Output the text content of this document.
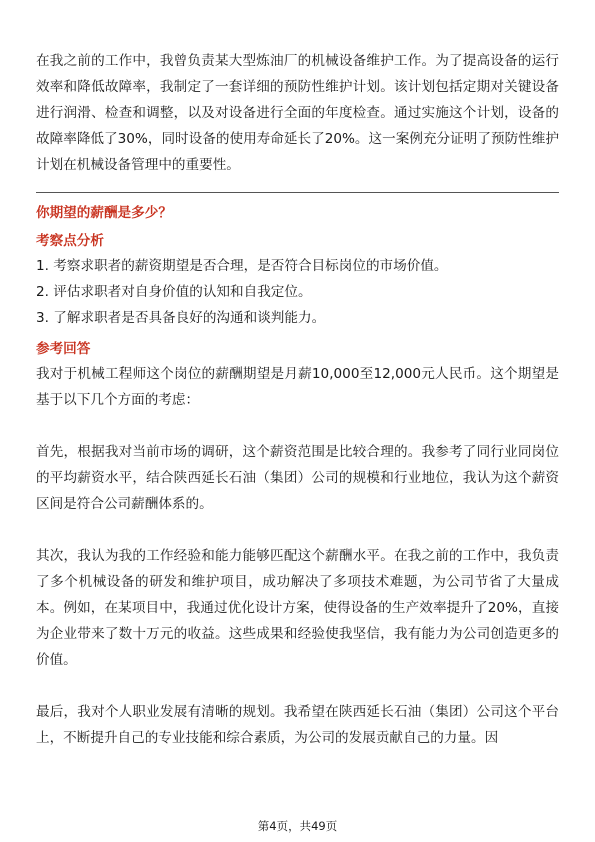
在我之前的工作中，我曾负责某大型炼油厂的机械设备维护工作。为了提高设备的运行效率和降低故障率，我制定了一套详细的预防性维护计划。该计划包括定期对关键设备进行润滑、检查和调整，以及对设备进行全面的年度检查。通过实施这个计划，设备的故障率降低了30%，同时设备的使用寿命延长了20%。这一案例充分证明了预防性维护计划在机械设备管理中的重要性。

你期望的薪酬是多少？

考察点分析

1. 考察求职者的薪资期望是否合理，是否符合目标岗位的市场价值。

2. 评估求职者对自身价值的认知和自我定位。

3. 了解求职者是否具备良好的沟通和谈判能力。

参考回答

我对于机械工程师这个岗位的薪酬期望是月薪10,000至12,000元人民币。这个期望是基于以下几个方面的考虑：

首先，根据我对当前市场的调研，这个薪资范围是比较合理的。我参考了同行业同岗位的平均薪资水平，结合陕西延长石油（集团）公司的规模和行业地位，我认为这个薪资区间是符合公司薪酬体系的。

其次，我认为我的工作经验和能力能够匹配这个薪酬水平。在我之前的工作中，我负责了多个机械设备的研发和维护项目，成功解决了多项技术难题，为公司节省了大量成本。例如，在某项目中，我通过优化设计方案，使得设备的生产效率提升了20%，直接为企业带来了数十万元的收益。这些成果和经验使我坚信，我有能力为公司创造更多的价值。

最后，我对个人职业发展有清晰的规划。我希望在陕西延长石油（集团）公司这个平台上，不断提升自己的专业技能和综合素质，为公司的发展贡献自己的力量。因

第4页，共49页
